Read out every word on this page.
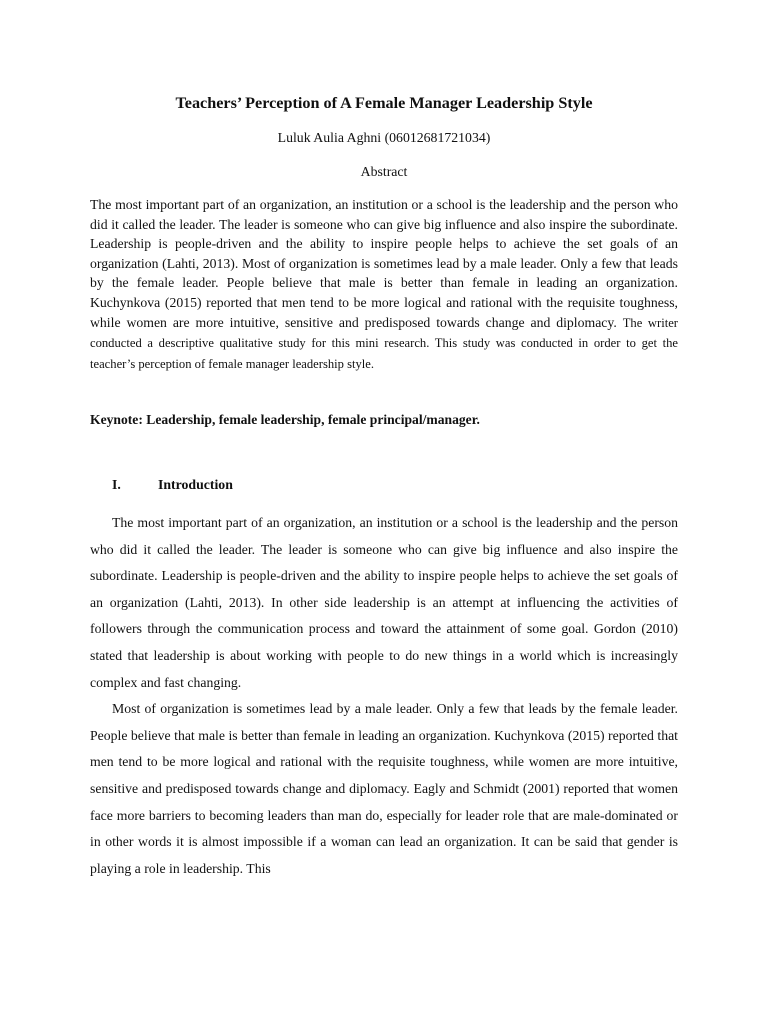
Teachers’ Perception of A Female Manager Leadership Style

Luluk Aulia Aghni (06012681721034)

Abstract

The most important part of an organization, an institution or a school is the leadership and the person who did it called the leader. The leader is someone who can give big influence and also inspire the subordinate. Leadership is people-driven and the ability to inspire people helps to achieve the set goals of an organization (Lahti, 2013). Most of organization is sometimes lead by a male leader. Only a few that leads by the female leader. People believe that male is better than female in leading an organization. Kuchynkova (2015) reported that men tend to be more logical and rational with the requisite toughness, while women are more intuitive, sensitive and predisposed towards change and diplomacy. The writer conducted a descriptive qualitative study for this mini research. This study was conducted in order to get the teacher’s perception of female manager leadership style.

Keynote: Leadership, female leadership, female principal/manager.

I.	Introduction

The most important part of an organization, an institution or a school is the leadership and the person who did it called the leader. The leader is someone who can give big influence and also inspire the subordinate. Leadership is people-driven and the ability to inspire people helps to achieve the set goals of an organization (Lahti, 2013). In other side leadership is an attempt at influencing the activities of followers through the communication process and toward the attainment of some goal. Gordon (2010) stated that leadership is about working with people to do new things in a world which is increasingly complex and fast changing.

Most of organization is sometimes lead by a male leader. Only a few that leads by the female leader. People believe that male is better than female in leading an organization. Kuchynkova (2015) reported that men tend to be more logical and rational with the requisite toughness, while women are more intuitive, sensitive and predisposed towards change and diplomacy. Eagly and Schmidt (2001) reported that women face more barriers to becoming leaders than man do, especially for leader role that are male-dominated or in other words it is almost impossible if a woman can lead an organization. It can be said that gender is playing a role in leadership. This
